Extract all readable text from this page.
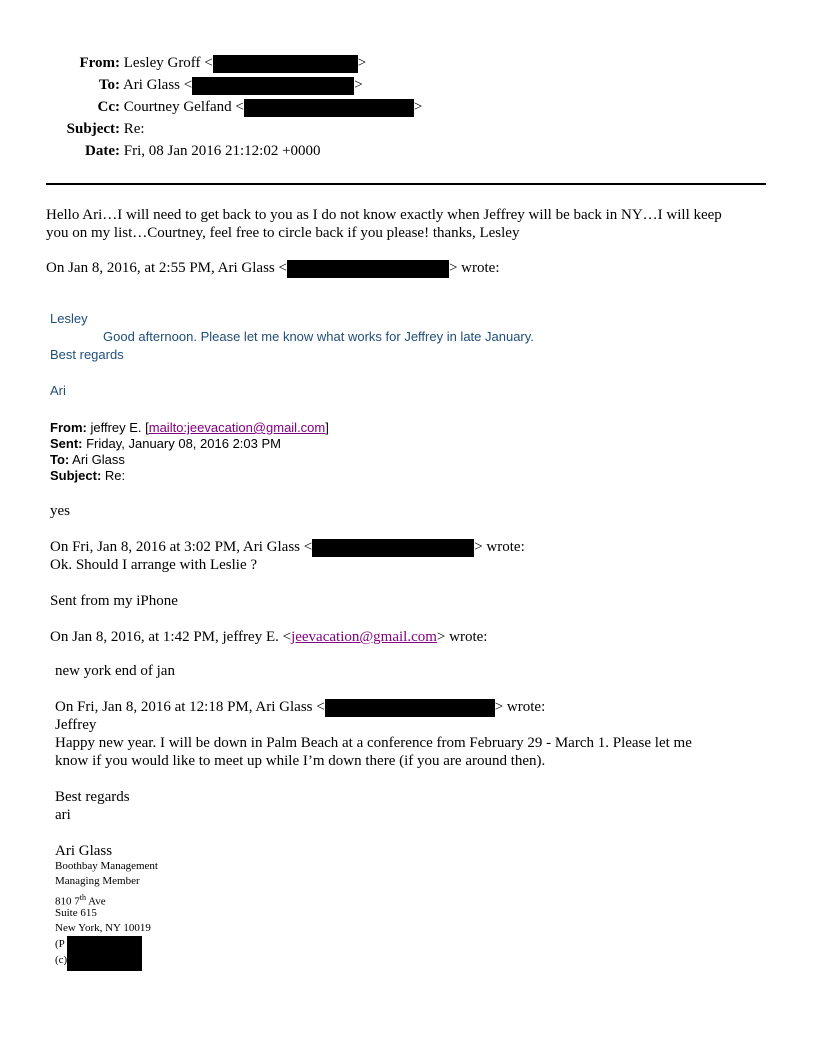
From: Lesley Groff <	>
To: Ari Glass <	>
Cc: Courtney Gelfand <	>
Subject: Re:
Date: Fri, 08 Jan 2016 21:12:02 +0000
Hello Ari…I will need to get back to you as I do not know exactly when Jeffrey will be back in NY…I will keep
you on my list…Courtney, feel free to circle back if you please! thanks, Lesley
On Jan 8, 2016, at 2:55 PM, Ari Glass <	> wrote:
Lesley
Good afternoon. Please let me know what works for Jeffrey in late January.
Best regards
Ari
From: jeffrey E. [mailto:jeevacation@gmail.com]
Sent: Friday, January 08, 2016 2:03 PM
To: Ari Glass
Subject: Re:
yes
On Fri, Jan 8, 2016 at 3:02 PM, Ari Glass <	> wrote:
Ok. Should I arrange with Leslie ?
Sent from my iPhone
On Jan 8, 2016, at 1:42 PM, jeffrey E. <jeevacation@gmail.com> wrote:
new york end of jan
On Fri, Jan 8, 2016 at 12:18 PM, Ari Glass <	> wrote:
Jeffrey
Happy new year. I will be down in Palm Beach at a conference from February 29 - March 1. Please let me
know if you would like to meet up while I’m down there (if you are around then).
Best regards
ari
Ari Glass
Boothbay Management
Managing Member
810 7th Ave
Suite 615
New York, NY 10019
(P
(c)
